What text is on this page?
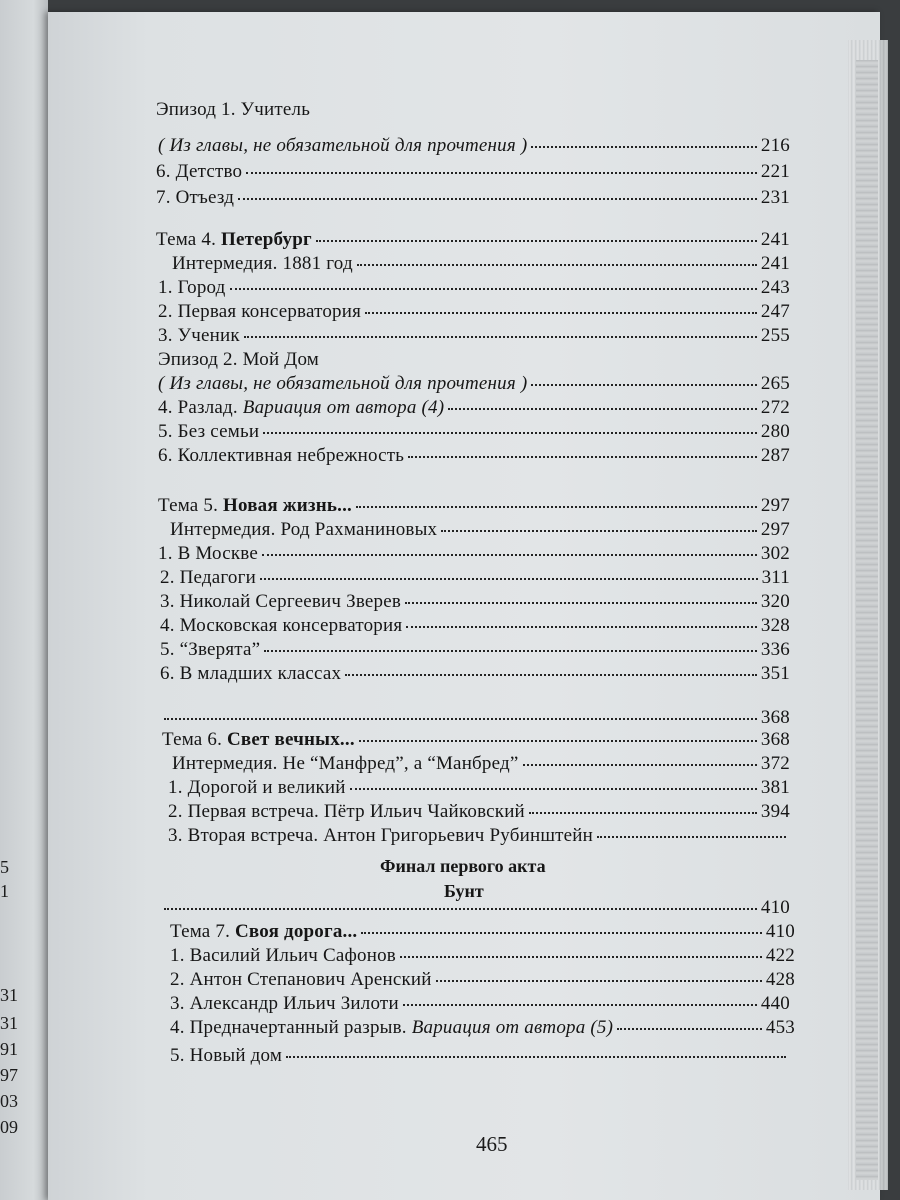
5
1
31
31
91
97
03
09
Эпизод 1. Учитель
( Из главы, не обязательной для прочтения )	216
6. Детство	221
7. Отъезд	231
Тема 4. Петербург	241
Интермедия. 1881 год	241
1. Город	243
2. Первая консерватория	247
3. Ученик	255
Эпизод 2. Мой Дом
( Из главы, не обязательной для прочтения )	265
4. Разлад. Вариация от автора (4)	272
5. Без семьи	280
6. Коллективная небрежность	287
Тема 5. Новая жизнь...	297
Интермедия. Род Рахманиновых	297
1. В Москве	302
2. Педагоги	311
3. Николай Сергеевич Зверев	320
4. Московская консерватория	328
5. “Зверята”	336
6. В младших классах	351
368
Тема 6. Свет вечных...	368
Интермедия. Не “Манфред”, а “Манбред”	372
1. Дорогой и великий	381
2. Первая встреча. Пётр Ильич Чайковский	394
3. Вторая встреча. Антон Григорьевич Рубинштейн
410
Тема 7. Своя дорога...	410
1. Василий Ильич Сафонов	422
2. Антон Степанович Аренский	428
3. Александр Ильич Зилоти	440
4. Предначертанный разрыв. Вариация от автора (5)	453
5. Новый дом
Финал первого акта
Бунт
465
